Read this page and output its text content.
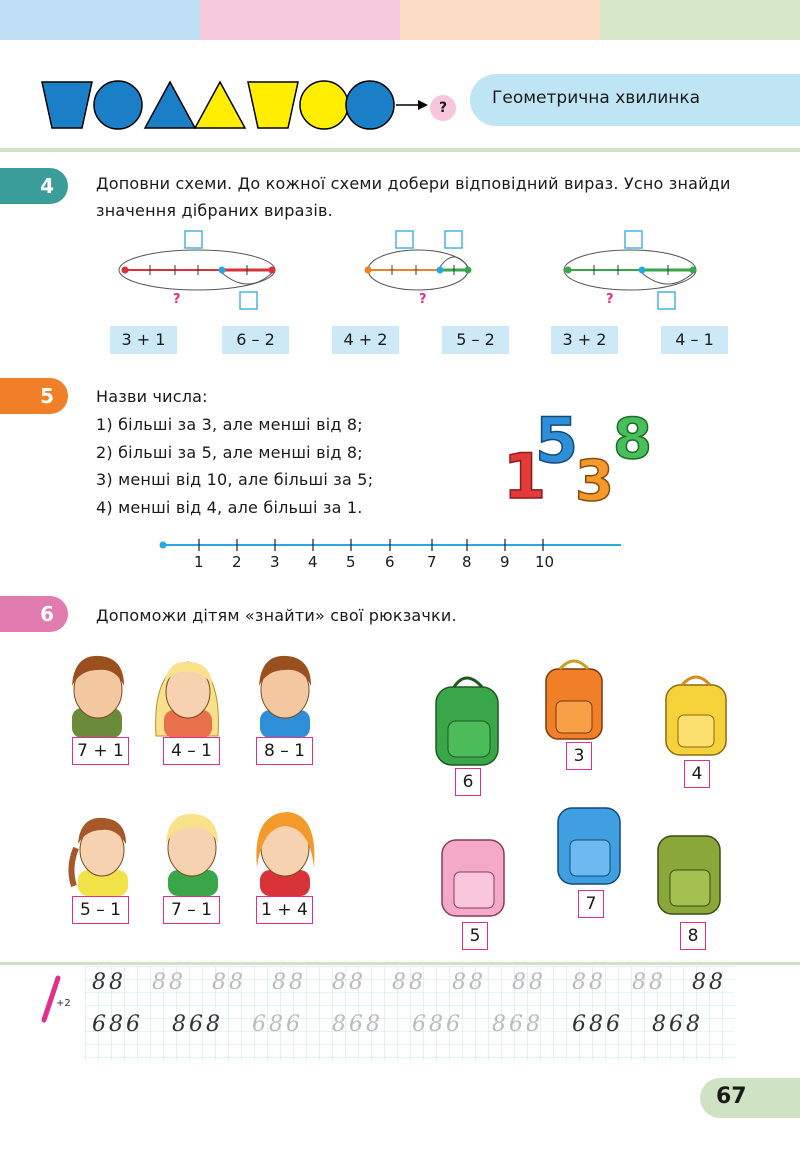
?	Геометрична хвилинка
4	Доповни схеми. До кожної схеми добери відповідний вираз. Усно знайди значення дібраних виразів.
?	?	?
3 + 1	6 – 2	4 + 2	5 – 2	3 + 2	4 – 1
5	Назви числа:
1) більші за 3, але менші від 8;
2) більші за 5, але менші від 8;
3) менші від 10, але більші за 5;
4) менші від 4, але більші за 1. 1
5
3
8
1 2 3 4 5 6 7 8 9 10
6	Допоможи дітям «знайти» свої рюкзачки.
7 + 1	4 – 1	8 – 1
5 – 1	7 – 1	1 + 4
6
3
4
5
7
8
+2
88 88 88 88 88 88 88 88 88 88 88
686 868 686 868 686 868 686 868
67
